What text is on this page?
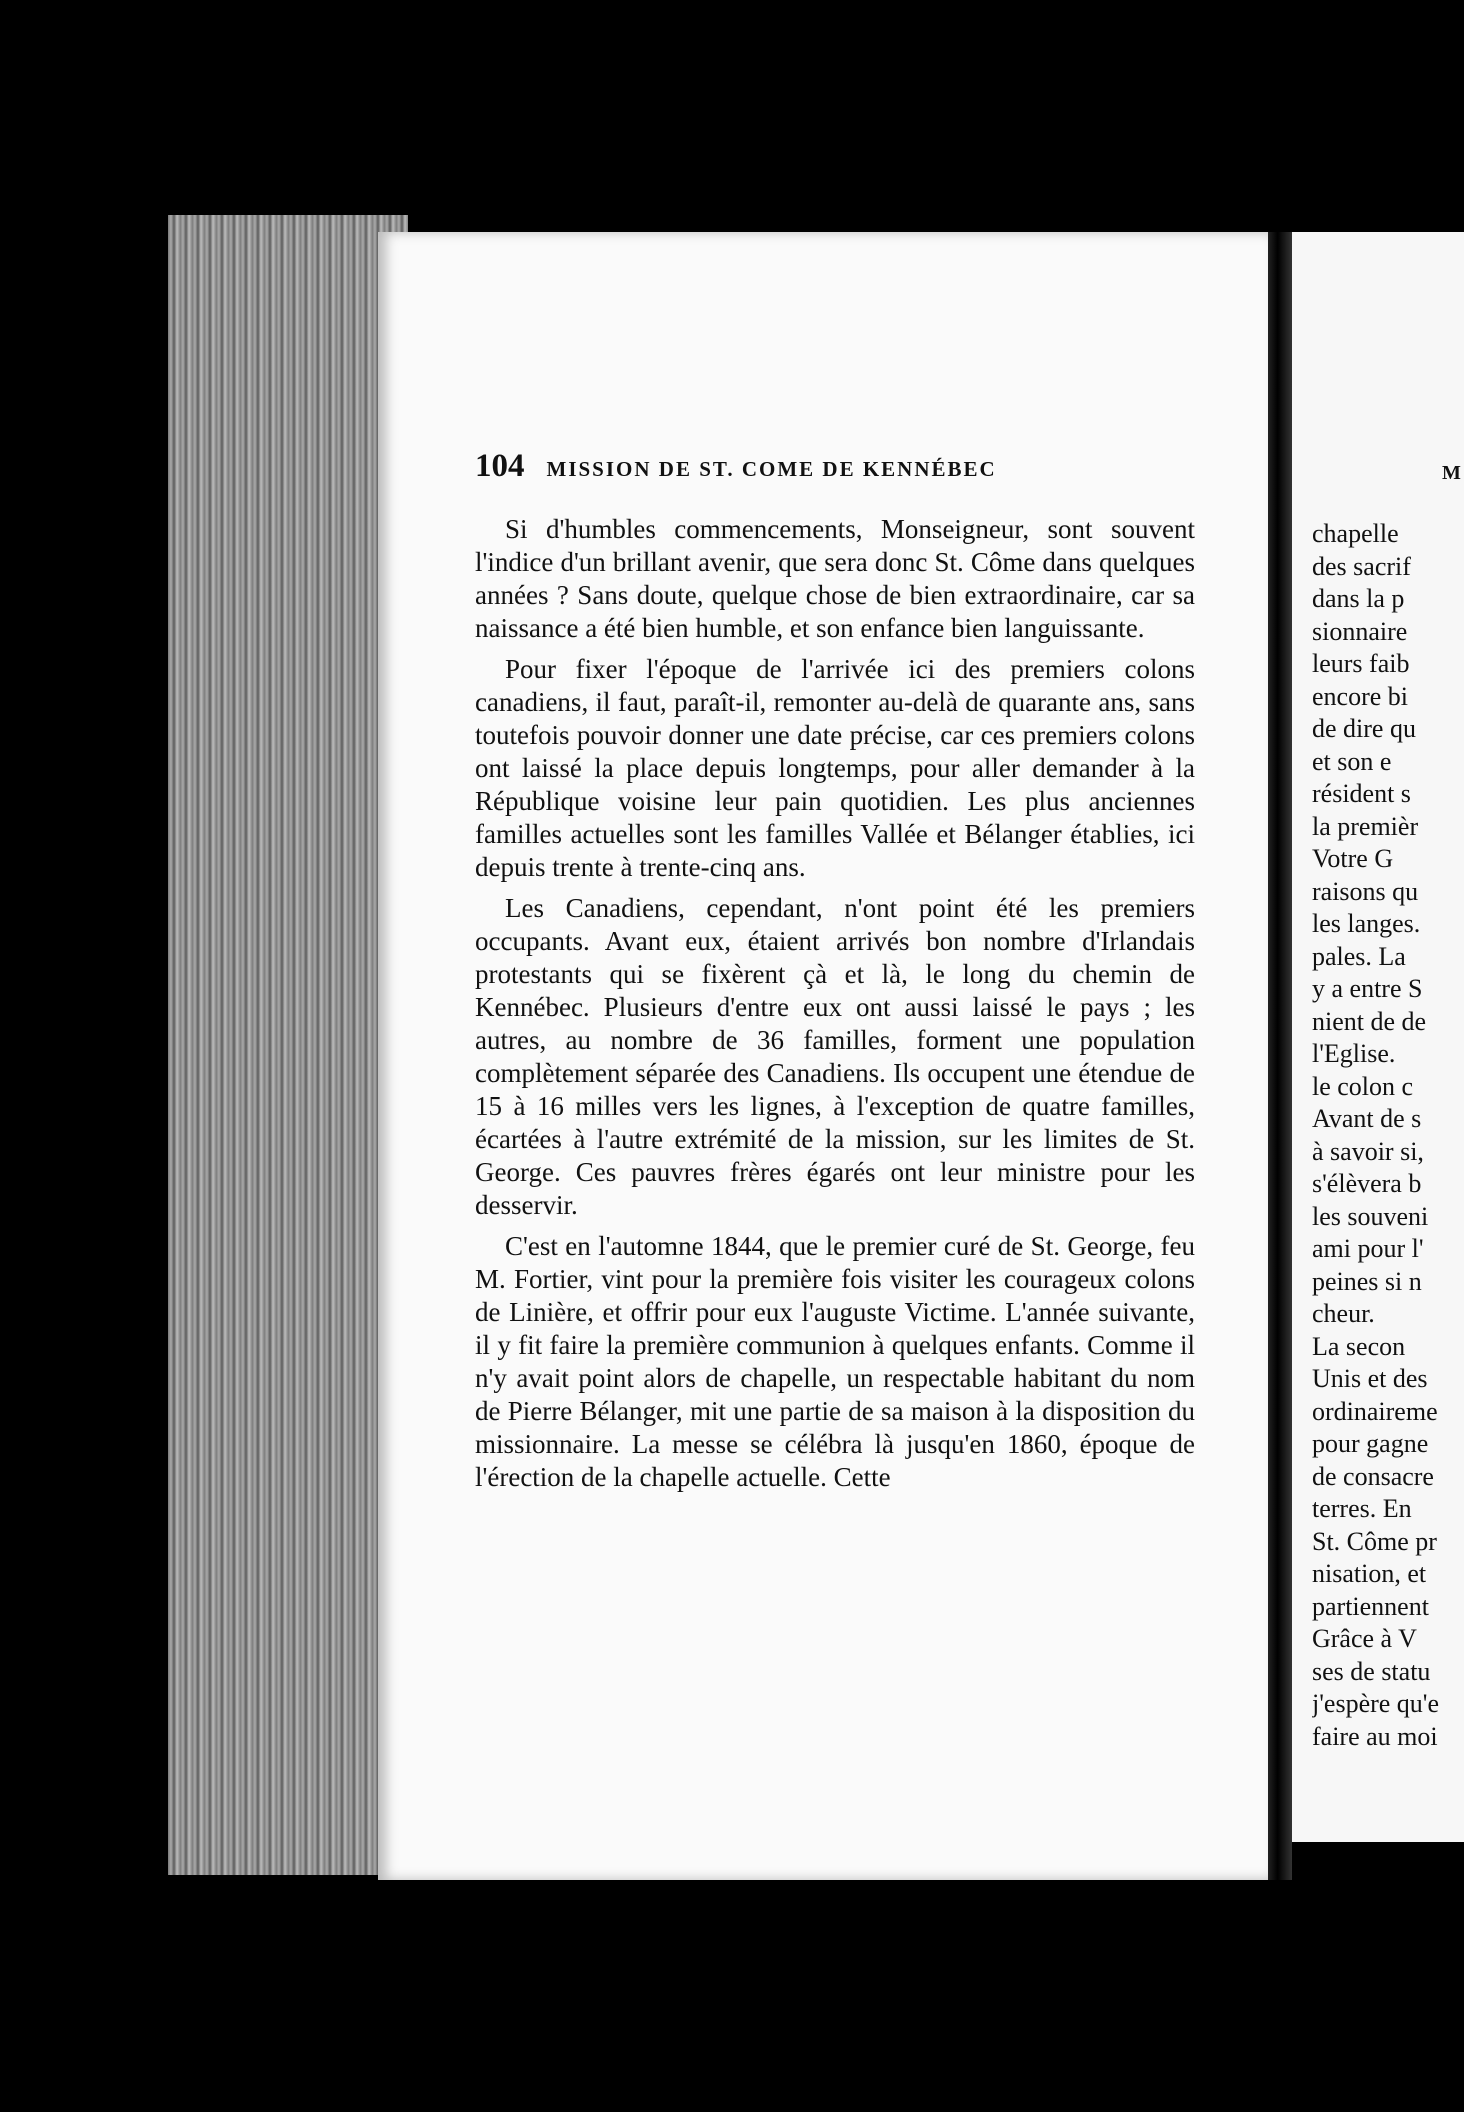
104 MISSION DE ST. COME DE KENNÉBEC

Si d'humbles commencements, Monseigneur, sont souvent l'indice d'un brillant avenir, que sera donc St. Côme dans quelques années ? Sans doute, quelque chose de bien extraordinaire, car sa naissance a été bien humble, et son enfance bien languissante.

Pour fixer l'époque de l'arrivée ici des premiers colons canadiens, il faut, paraît-il, remonter au-delà de quarante ans, sans toutefois pouvoir donner une date précise, car ces premiers colons ont laissé la place depuis longtemps, pour aller demander à la République voisine leur pain quotidien. Les plus anciennes familles actuelles sont les familles Vallée et Bélanger établies, ici depuis trente à trente-cinq ans.

Les Canadiens, cependant, n'ont point été les premiers occupants. Avant eux, étaient arrivés bon nombre d'Irlandais protestants qui se fixèrent çà et là, le long du chemin de Kennébec. Plusieurs d'entre eux ont aussi laissé le pays ; les autres, au nombre de 36 familles, forment une population complètement séparée des Canadiens. Ils occupent une étendue de 15 à 16 milles vers les lignes, à l'exception de quatre familles, écartées à l'autre extrémité de la mission, sur les limites de St. George. Ces pauvres frères égarés ont leur ministre pour les desservir.

C'est en l'automne 1844, que le premier curé de St. George, feu M. Fortier, vint pour la première fois visiter les courageux colons de Linière, et offrir pour eux l'auguste Victime. L'année suivante, il y fit faire la première communion à quelques enfants. Comme il n'y avait point alors de chapelle, un respectable habitant du nom de Pierre Bélanger, mit une partie de sa maison à la disposition du missionnaire. La messe se célébra là jusqu'en 1860, époque de l'érection de la chapelle actuelle. Cette

M
chapelle
des sacrif
dans la p
sionnaire
leurs faib
encore bi
de dire qu
et son e
résident s
la premièr
Votre G
raisons qu
les langes.
pales. La
y a entre S
nient de de
l'Eglise.
le colon c
Avant de s
à savoir si,
s'élèvera b
les souveni
ami pour l'
peines si n
cheur.
La secon
Unis et des
ordinaireme
pour gagne
de consacre
terres. En
St. Côme pr
nisation, et
partiennent
Grâce à V
ses de statu
j'espère qu'e
faire au moi
